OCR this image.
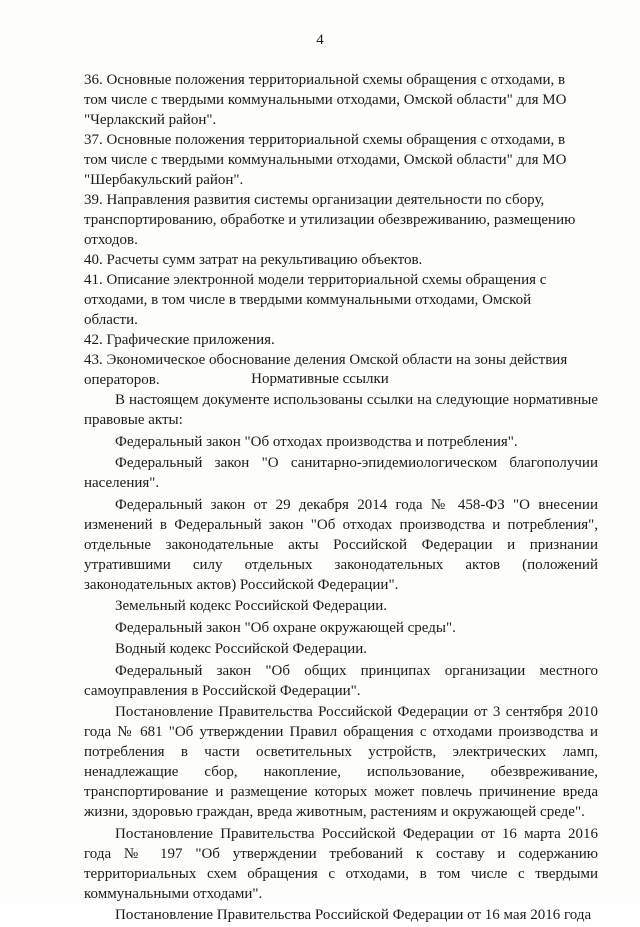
4

36. Основные положения территориальной схемы обращения с отходами, в том числе с твердыми коммунальными отходами, Омской области" для МО "Черлакский район".

37. Основные положения территориальной схемы обращения с отходами, в том числе с твердыми коммунальными отходами, Омской области" для МО "Шербакульский район".

39. Направления развития системы организации деятельности по сбору, транспортированию, обработке и утилизации обезвреживанию, размещению отходов.

40. Расчеты сумм затрат на рекультивацию объектов.

41. Описание электронной модели территориальной схемы обращения с отходами, в том числе в твердыми коммунальными отходами, Омской области.

42. Графические приложения.

43. Экономическое обоснование деления Омской области на зоны действия операторов.	Нормативные ссылки

В настоящем документе использованы ссылки на следующие нормативные правовые акты:

Федеральный закон "Об отходах производства и потребления".

Федеральный закон "О санитарно-эпидемиологическом благополучии населения".

Федеральный закон от 29 декабря 2014 года № 458-ФЗ "О внесении изменений в Федеральный закон "Об отходах производства и потребления", отдельные законодательные акты Российской Федерации и признании утратившими силу отдельных законодательных актов (положений законодательных актов) Российской Федерации".

Земельный кодекс Российской Федерации.

Федеральный закон "Об охране окружающей среды".

Водный кодекс Российской Федерации.

Федеральный закон "Об общих принципах организации местного самоуправления в Российской Федерации".

Постановление Правительства Российской Федерации от 3 сентября 2010 года № 681 "Об утверждении Правил обращения с отходами производства и потребления в части осветительных устройств, электрических ламп, ненадлежащие сбор, накопление, использование, обезвреживание, транспортирование и размещение которых может повлечь причинение вреда жизни, здоровью граждан, вреда животным, растениям и окружающей среде".

Постановление Правительства Российской Федерации от 16 марта 2016 года № 197 "Об утверждении требований к составу и содержанию территориальных схем обращения с отходами, в том числе с твердыми коммунальными отходами".

Постановление Правительства Российской Федерации от 16 мая 2016 года
